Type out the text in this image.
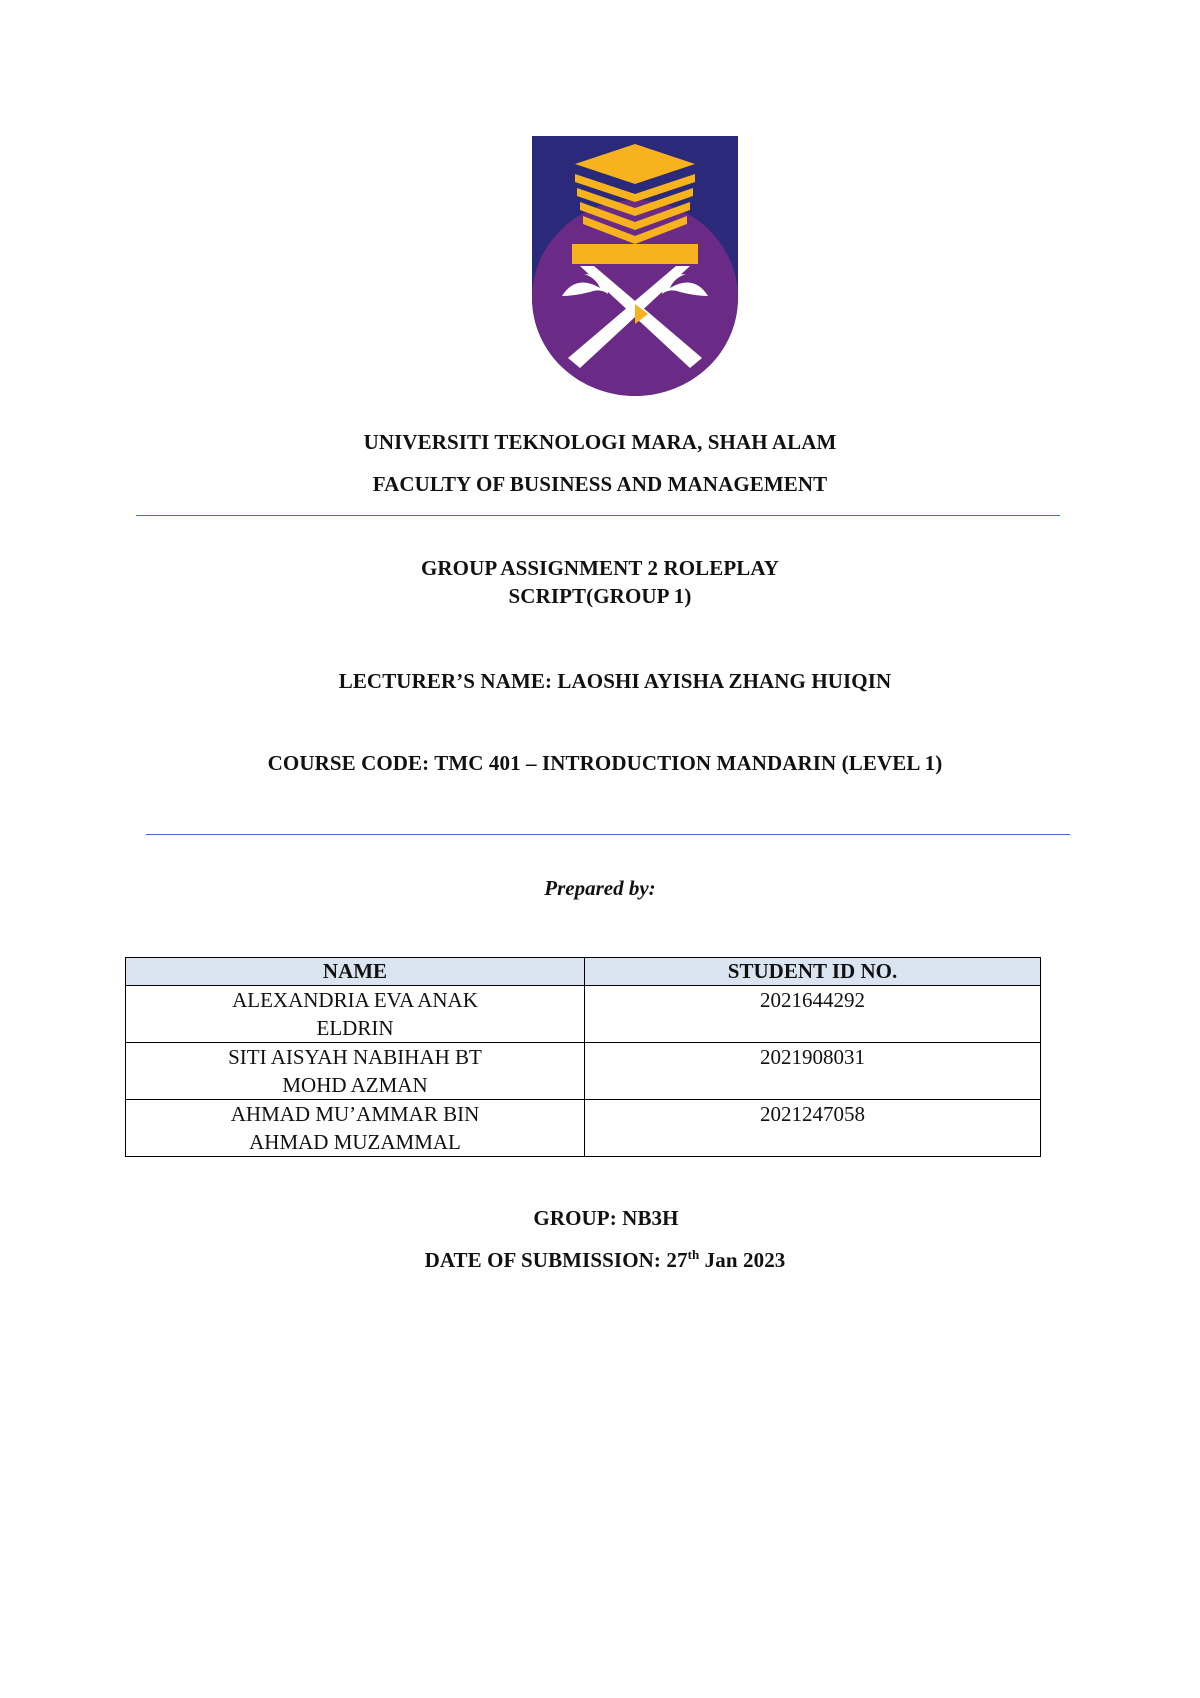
UNIVERSITI TEKNOLOGI MARA, SHAH ALAM
FACULTY OF BUSINESS AND MANAGEMENT
GROUP ASSIGNMENT 2 ROLEPLAY
SCRIPT(GROUP 1)
LECTURER’S NAME: LAOSHI AYISHA ZHANG HUIQIN
COURSE CODE: TMC 401 – INTRODUCTION MANDARIN (LEVEL 1)
Prepared by:
NAME	STUDENT ID NO.
ALEXANDRIA EVA ANAK ELDRIN	2021644292
SITI AISYAH NABIHAH BT MOHD AZMAN	2021908031
AHMAD MU’AMMAR BIN AHMAD MUZAMMAL	2021247058
GROUP: NB3H
DATE OF SUBMISSION: 27th Jan 2023
